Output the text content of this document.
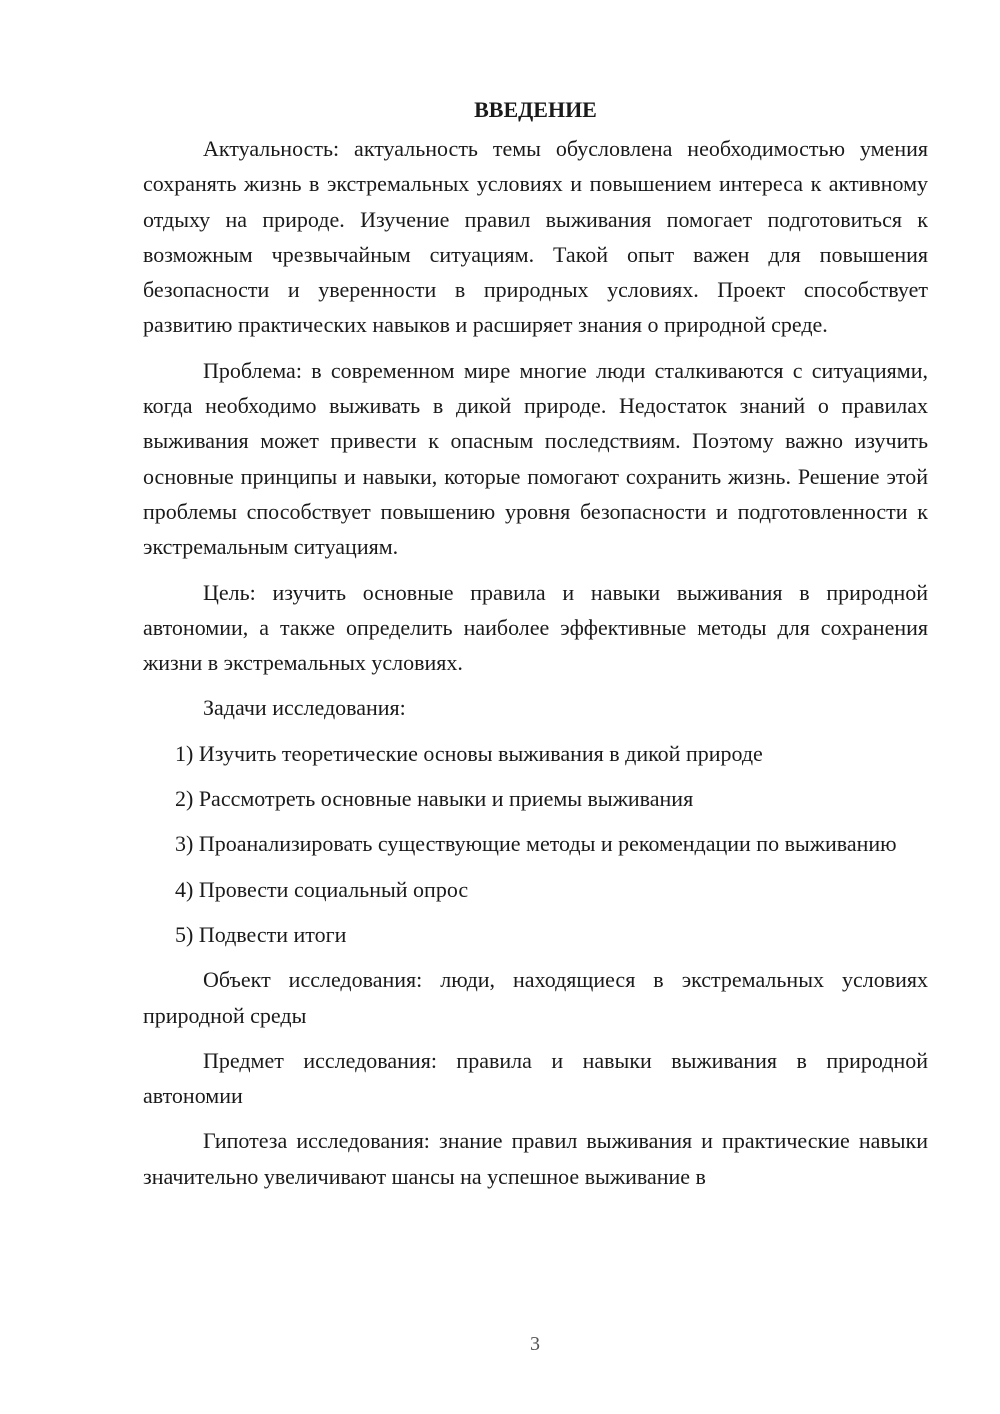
ВВЕДЕНИЕ

Актуальность: актуальность темы обусловлена необходимостью умения сохранять жизнь в экстремальных условиях и повышением интереса к активному отдыху на природе. Изучение правил выживания помогает подготовиться к возможным чрезвычайным ситуациям. Такой опыт важен для повышения безопасности и уверенности в природных условиях. Проект способствует развитию практических навыков и расширяет знания о природной среде.

Проблема: в современном мире многие люди сталкиваются с ситуациями, когда необходимо выживать в дикой природе. Недостаток знаний о правилах выживания может привести к опасным последствиям. Поэтому важно изучить основные принципы и навыки, которые помогают сохранить жизнь. Решение этой проблемы способствует повышению уровня безопасности и подготовленности к экстремальным ситуациям.

Цель: изучить основные правила и навыки выживания в природной автономии, а также определить наиболее эффективные методы для сохранения жизни в экстремальных условиях.

Задачи исследования:

1) Изучить теоретические основы выживания в дикой природе

2) Рассмотреть основные навыки и приемы выживания

3) Проанализировать существующие методы и рекомендации по выживанию

4) Провести социальный опрос

5) Подвести итоги

Объект исследования: люди, находящиеся в экстремальных условиях природной среды

Предмет исследования: правила и навыки выживания в природной автономии

Гипотеза исследования: знание правил выживания и практические навыки значительно увеличивают шансы на успешное выживание в

3
